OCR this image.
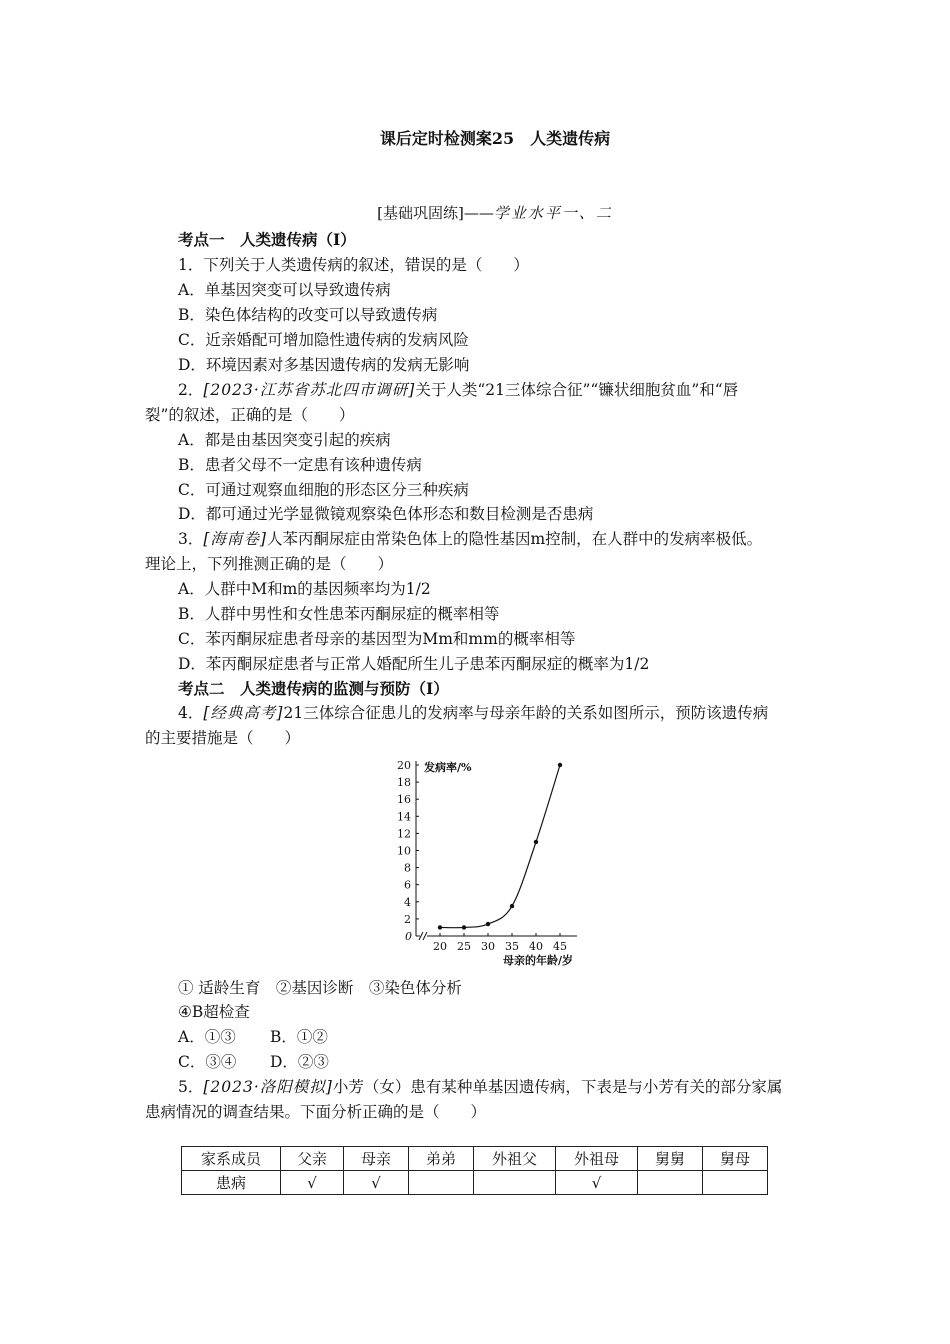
课后定时检测案25　人类遗传病
[基础巩固练]——学业水平一、二
考点一　人类遗传病（Ⅰ）
1．下列关于人类遗传病的叙述，错误的是（　　）
A．单基因突变可以导致遗传病
B．染色体结构的改变可以导致遗传病
C．近亲婚配可增加隐性遗传病的发病风险
D．环境因素对多基因遗传病的发病无影响
2．[2023·江苏省苏北四市调研]关于人类“21三体综合征”“镰状细胞贫血”和“唇
裂”的叙述，正确的是（　　）
A．都是由基因突变引起的疾病
B．患者父母不一定患有该种遗传病
C．可通过观察血细胞的形态区分三种疾病
D．都可通过光学显微镜观察染色体形态和数目检测是否患病
3．[海南卷]人苯丙酮尿症由常染色体上的隐性基因m控制，在人群中的发病率极低。
理论上，下列推测正确的是（　　）
A．人群中M和m的基因频率均为1/2
B．人群中男性和女性患苯丙酮尿症的概率相等
C．苯丙酮尿症患者母亲的基因型为Mm和mm的概率相等
D．苯丙酮尿症患者与正常人婚配所生儿子患苯丙酮尿症的概率为1/2
考点二　人类遗传病的监测与预防（Ⅰ）
4．[经典高考]21三体综合征患儿的发病率与母亲年龄的关系如图所示，预防该遗传病
的主要措施是（　　）
0
2
4
6
8
10
12
14
16
18
20
20 25 30 35 40 45
发病率/%
母亲的年龄/岁
① 适龄生育　②基因诊断　③染色体分析
④B超检查
A．①③ B．①②
C．③④ D．②③
5．[2023·洛阳模拟]小芳（女）患有某种单基因遗传病，下表是与小芳有关的部分家属
患病情况的调查结果。下面分析正确的是（　　）
家系成员	父亲	母亲	弟弟	外祖父	外祖母	舅舅	舅母
患病	√	√			√		
